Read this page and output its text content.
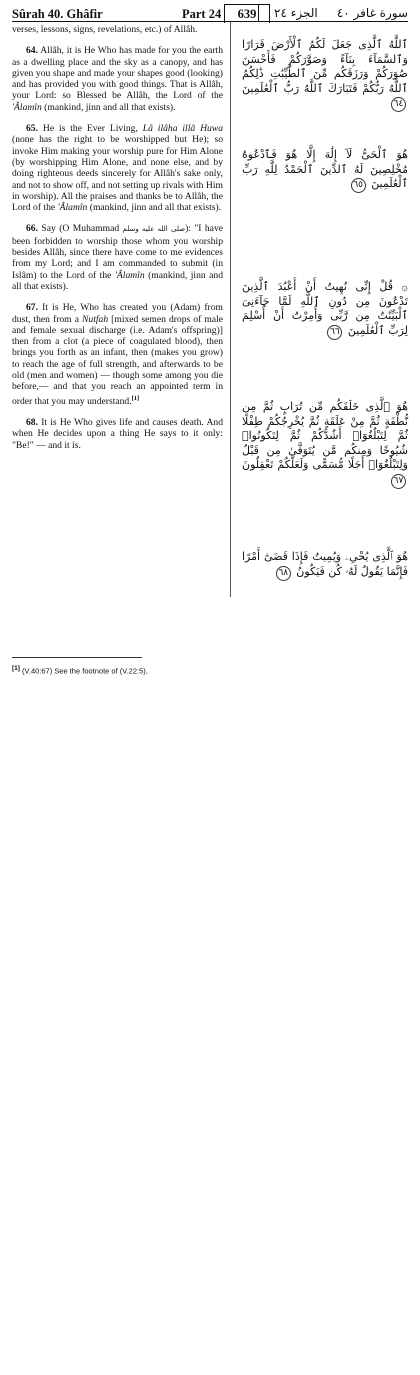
Sûrah 40. Ghâfir	Part 24	639	الجزء ٢٤ سورة غافر ٤٠

verses, lessons, signs, revelations, etc.) of Allâh.

64. Allâh, it is He Who has made for you the earth as a dwelling place and the sky as a canopy, and has given you shape and made your shapes good (looking) and has provided you with good things. That is Allâh, your Lord: so Blessed be Allâh, the Lord of the 'Âlamîn (mankind, jinn and all that exists).

65. He is the Ever Living, Lâ ilâha illâ Huwa (none has the right to be worshipped but He); so invoke Him making your worship pure for Him Alone (by worshipping Him Alone, and none else, and by doing righteous deeds sincerely for Allâh's sake only, and not to show off, and not setting up rivals with Him in worship). All the praises and thanks be to Allâh, the Lord of the 'Âlamîn (mankind, jinn and all that exists).

66. Say (O Muhammad صلى الله عليه وسلم): "I have been forbidden to worship those whom you worship besides Allâh, since there have come to me evidences from my Lord; and I am commanded to submit (in Islâm) to the Lord of the 'Âlamîn (mankind, jinn and all that exists).

67. It is He, Who has created you (Adam) from dust, then from a Nutfah [mixed semen drops of male and female sexual discharge (i.e. Adam's offspring)] then from a clot (a piece of coagulated blood), then brings you forth as an infant, then (makes you grow) to reach the age of full strength, and afterwards to be old (men and women) — though some among you die before,— and that you reach an appointed term in order that you may understand.[1]

68. It is He Who gives life and causes death. And when He decides upon a thing He says to it only: "Be!" — and it is.

ٱللَّهُ ٱلَّذِى جَعَلَ لَكُمُ ٱلْأَرْضَ قَرَارًا وَٱلسَّمَآءَ بِنَآءً وَصَوَّرَكُمْ فَأَحْسَنَ صُوَرَكُمْ وَرَزَقَكُم مِّنَ ٱلطَّيِّبَٰتِ ذَٰلِكُمُ ٱللَّهُ رَبُّكُمْ فَتَبَارَكَ ٱللَّهُ رَبُّ ٱلْعَٰلَمِينَ ٦٤
هُوَ ٱلْحَىُّ لَآ إِلَٰهَ إِلَّا هُوَ فَٱدْعُوهُ مُخْلِصِينَ لَهُ ٱلدِّينَ ٱلْحَمْدُ لِلَّهِ رَبِّ ٱلْعَٰلَمِينَ ٦٥
۞ قُلْ إِنِّى نُهِيتُ أَنْ أَعْبُدَ ٱلَّذِينَ تَدْعُونَ مِن دُونِ ٱللَّهِ لَمَّا جَآءَنِىَ ٱلْبَيِّنَٰتُ مِن رَّبِّى وَأُمِرْتُ أَنْ أُسْلِمَ لِرَبِّ ٱلْعَٰلَمِينَ ٦٦
هُوَ ٱلَّذِى خَلَقَكُم مِّن تُرَابٍ ثُمَّ مِن نُّطْفَةٍ ثُمَّ مِنْ عَلَقَةٍ ثُمَّ يُخْرِجُكُمْ طِفْلًا ثُمَّ لِتَبْلُغُوٓا۟ أَشُدَّكُمْ ثُمَّ لِتَكُونُوا۟ شُيُوخًا وَمِنكُم مَّن يُتَوَفَّىٰ مِن قَبْلُ وَلِتَبْلُغُوٓا۟ أَجَلًا مُّسَمًّى وَلَعَلَّكُمْ تَعْقِلُونَ ٦٧
هُوَ ٱلَّذِى يُحْىِۦ وَيُمِيتُ فَإِذَا قَضَىٰٓ أَمْرًا فَإِنَّمَا يَقُولُ لَهُۥ كُن فَيَكُونُ ٦٨
[1] (V.40:67) See the footnote of (V.22:5).
